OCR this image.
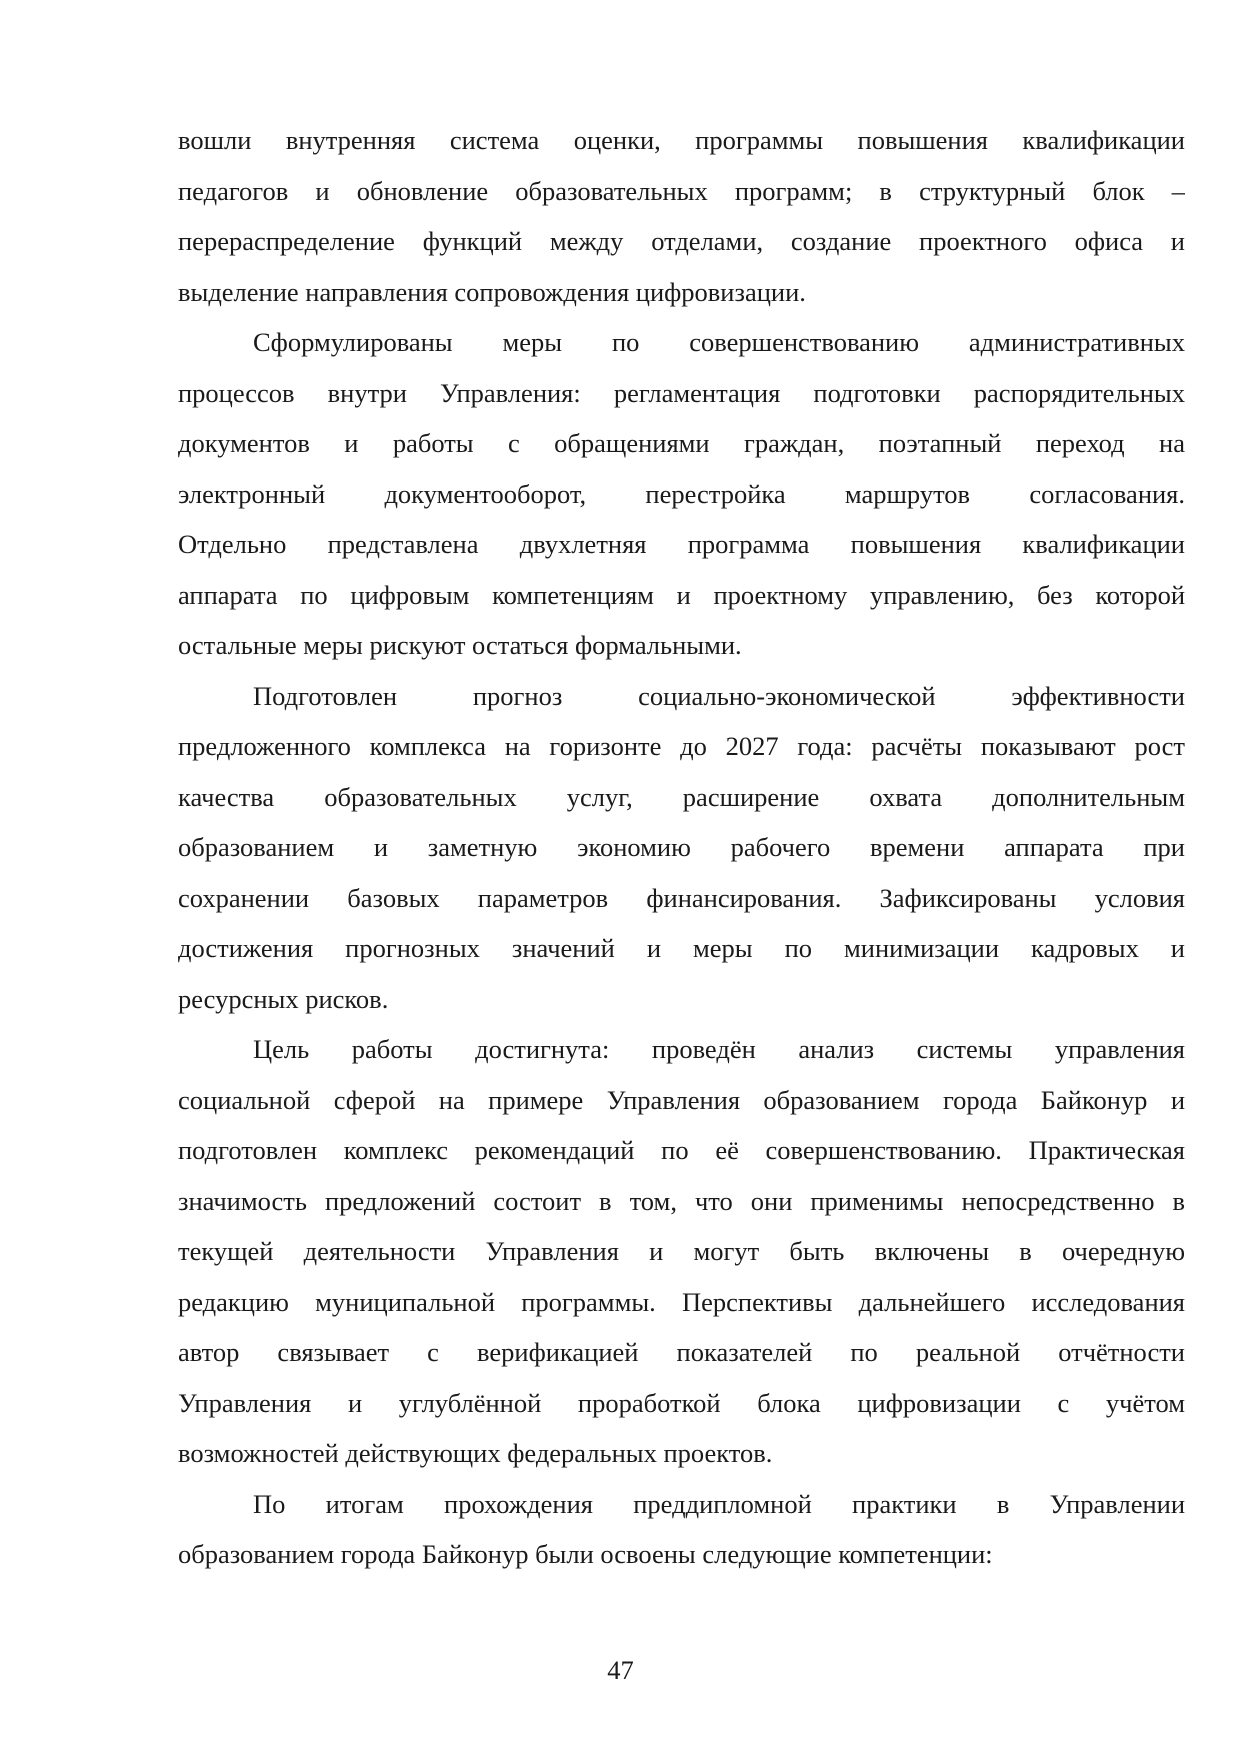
вошли внутренняя система оценки, программы повышения квалификации
педагогов и обновление образовательных программ; в структурный блок –
перераспределение функций между отделами, создание проектного офиса и
выделение направления сопровождения цифровизации.
Сформулированы меры по совершенствованию административных
процессов внутри Управления: регламентация подготовки распорядительных
документов и работы с обращениями граждан, поэтапный переход на
электронный документооборот, перестройка маршрутов согласования.
Отдельно представлена двухлетняя программа повышения квалификации
аппарата по цифровым компетенциям и проектному управлению, без которой
остальные меры рискуют остаться формальными.
Подготовлен прогноз социально-экономической эффективности
предложенного комплекса на горизонте до 2027 года: расчёты показывают рост
качества образовательных услуг, расширение охвата дополнительным
образованием и заметную экономию рабочего времени аппарата при
сохранении базовых параметров финансирования. Зафиксированы условия
достижения прогнозных значений и меры по минимизации кадровых и
ресурсных рисков.
Цель работы достигнута: проведён анализ системы управления
социальной сферой на примере Управления образованием города Байконур и
подготовлен комплекс рекомендаций по её совершенствованию. Практическая
значимость предложений состоит в том, что они применимы непосредственно в
текущей деятельности Управления и могут быть включены в очередную
редакцию муниципальной программы. Перспективы дальнейшего исследования
автор связывает с верификацией показателей по реальной отчётности
Управления и углублённой проработкой блока цифровизации с учётом
возможностей действующих федеральных проектов.
По итогам прохождения преддипломной практики в Управлении
образованием города Байконур были освоены следующие компетенции:
47
